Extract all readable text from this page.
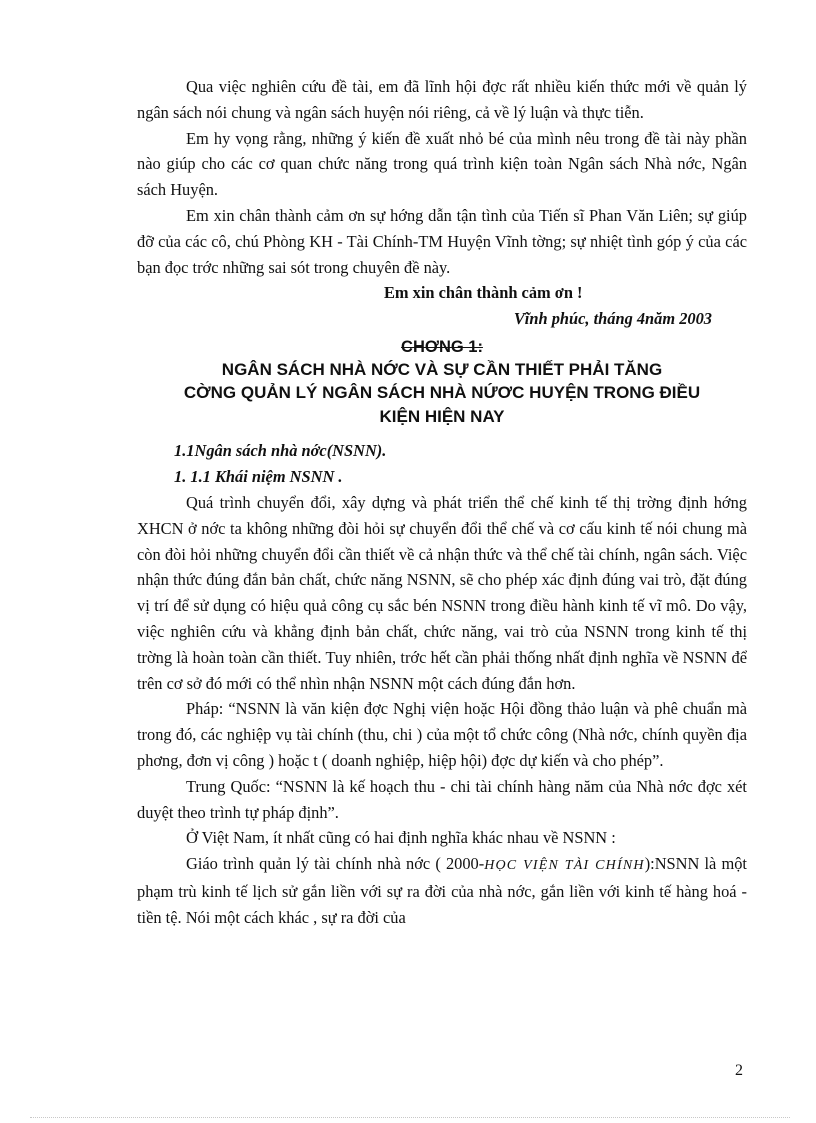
Qua việc nghiên cứu đề tài, em đã lĩnh hội đợc rất nhiều kiến thức mới về quản lý ngân sách nói chung và ngân sách huyện nói riêng, cả về lý luận và thực tiễn.

Em hy vọng rằng, những ý kiến đề xuất nhỏ bé của mình nêu trong đề tài này phần nào giúp cho các cơ quan chức năng trong quá trình kiện toàn Ngân sách Nhà nớc, Ngân sách Huyện.

Em xin chân thành cảm ơn sự hớng dẫn tận tình của Tiến sĩ Phan Văn Liên; sự giúp đỡ của các cô, chú Phòng KH - Tài Chính-TM Huyện Vĩnh tờng; sự nhiệt tình góp ý của các bạn đọc trớc những sai sót trong chuyên đề này.

Em xin chân thành cảm ơn !

Vĩnh phúc, tháng 4năm 2003

CHƠNG 1:
NGÂN SÁCH NHÀ NỚC VÀ SỰ CẦN THIẾT PHẢI TĂNG
CỜNG QUẢN LÝ NGÂN SÁCH NHÀ NỨƠC HUYỆN TRONG ĐIỀU
KIỆN HIỆN NAY

1.1Ngân sách nhà nớc(NSNN).

1. 1.1 Khái niệm NSNN .

Quá trình chuyển đổi, xây dựng và phát triển thể chế kinh tế thị trờng định hớng XHCN ở nớc ta không những đòi hỏi sự chuyển đổi thể chế và cơ cấu kinh tế nói chung mà còn đòi hỏi những chuyển đổi cần thiết về cả nhận thức và thể chế tài chính, ngân sách. Việc nhận thức đúng đắn bản chất, chức năng NSNN, sẽ cho phép xác định đúng vai trò, đặt đúng vị trí để sử dụng có hiệu quả công cụ sắc bén NSNN trong điều hành kinh tế vĩ mô. Do vậy, việc nghiên cứu và khẳng định bản chất, chức năng, vai trò của NSNN trong kinh tế thị trờng là hoàn toàn cần thiết. Tuy nhiên, trớc hết cần phải thống nhất định nghĩa về NSNN để trên cơ sở đó mới có thể nhìn nhận NSNN một cách đúng đắn hơn.

Pháp: “NSNN là văn kiện đợc Nghị viện hoặc Hội đồng thảo luận và phê chuẩn mà trong đó, các nghiệp vụ tài chính (thu, chi ) của một tổ chức công (Nhà nớc, chính quyền địa phơng, đơn vị công ) hoặc t ( doanh nghiệp, hiệp hội) đợc dự kiến và cho phép”.

Trung Quốc: “NSNN là kế hoạch thu - chi tài chính hàng năm của Nhà nớc đợc xét duyệt theo trình tự pháp định”.

Ở Việt Nam, ít nhất cũng có hai định nghĩa khác nhau về NSNN :

Giáo trình quản lý tài chính nhà nớc ( 2000-HỌC VIỆN TÀI CHÍNH):NSNN là một phạm trù kinh tế lịch sử gắn liền với sự ra đời của nhà nớc, gắn liền với kinh tế hàng hoá - tiền tệ. Nói một cách khác , sự ra đời của

2
